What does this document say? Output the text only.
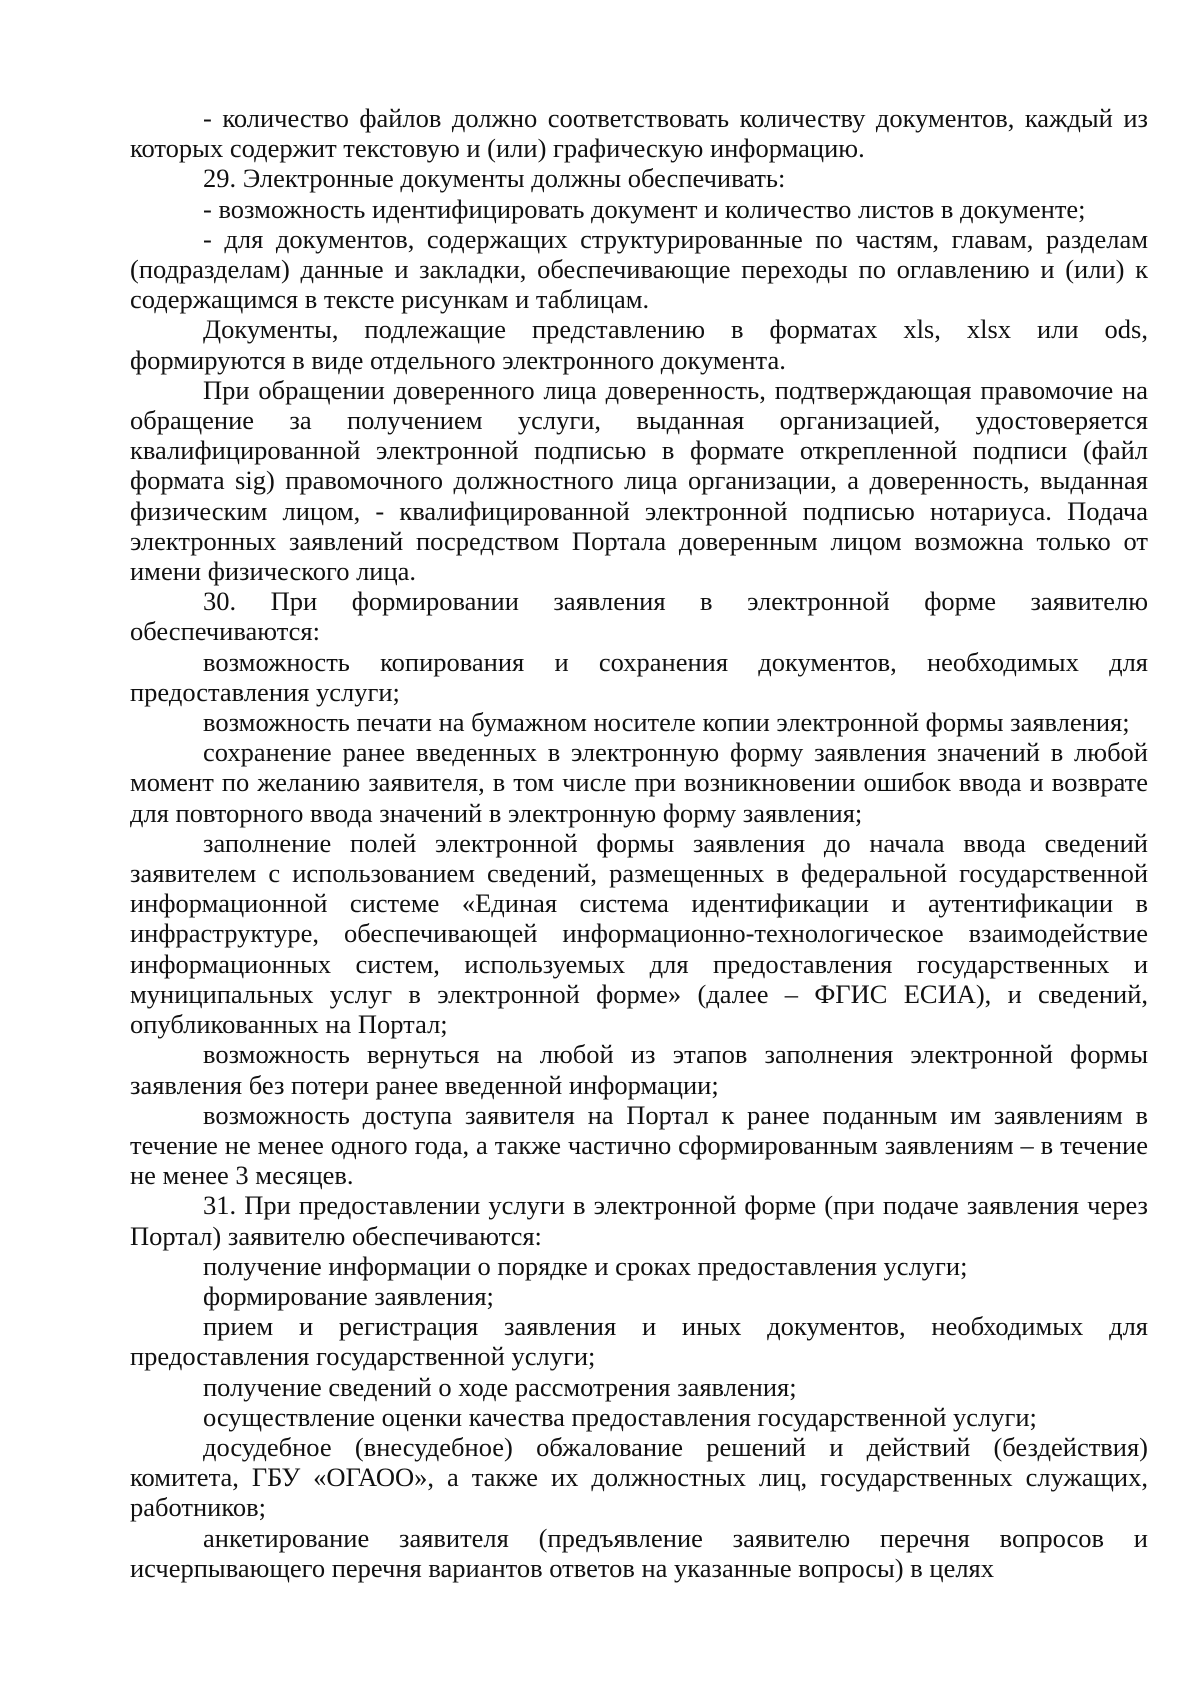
- количество файлов должно соответствовать количеству документов, каждый из которых содержит текстовую и (или) графическую информацию.

29. Электронные документы должны обеспечивать:

- возможность идентифицировать документ и количество листов в документе;

- для документов, содержащих структурированные по частям, главам, разделам (подразделам) данные и закладки, обеспечивающие переходы по оглавлению и (или) к содержащимся в тексте рисункам и таблицам.

Документы, подлежащие представлению в форматах xls, xlsx или ods, формируются в виде отдельного электронного документа.

При обращении доверенного лица доверенность, подтверждающая правомочие на обращение за получением услуги, выданная организацией, удостоверяется квалифицированной электронной подписью в формате открепленной подписи (файл формата sig) правомочного должностного лица организации, а доверенность, выданная физическим лицом, - квалифицированной электронной подписью нотариуса. Подача электронных заявлений посредством Портала доверенным лицом возможна только от имени физического лица.

30. При формировании заявления в электронной форме заявителю обеспечиваются:

возможность копирования и сохранения документов, необходимых для предоставления услуги;

возможность печати на бумажном носителе копии электронной формы заявления;

сохранение ранее введенных в электронную форму заявления значений в любой момент по желанию заявителя, в том числе при возникновении ошибок ввода и возврате для повторного ввода значений в электронную форму заявления;

заполнение полей электронной формы заявления до начала ввода сведений заявителем с использованием сведений, размещенных в федеральной государственной информационной системе «Единая система идентификации и аутентификации в инфраструктуре, обеспечивающей информационно-технологическое взаимодействие информационных систем, используемых для предоставления государственных и муниципальных услуг в электронной форме» (далее – ФГИС ЕСИА), и сведений, опубликованных на Портал;

возможность вернуться на любой из этапов заполнения электронной формы заявления без потери ранее введенной информации;

возможность доступа заявителя на Портал к ранее поданным им заявлениям в течение не менее одного года, а также частично сформированным заявлениям – в течение не менее 3 месяцев.

31. При предоставлении услуги в электронной форме (при подаче заявления через Портал) заявителю обеспечиваются:

получение информации о порядке и сроках предоставления услуги;

формирование заявления;

прием и регистрация заявления и иных документов, необходимых для предоставления государственной услуги;

получение сведений о ходе рассмотрения заявления;

осуществление оценки качества предоставления государственной услуги;

досудебное (внесудебное) обжалование решений и действий (бездействия) комитета, ГБУ «ОГАОО», а также их должностных лиц, государственных служащих, работников;

анкетирование заявителя (предъявление заявителю перечня вопросов и исчерпывающего перечня вариантов ответов на указанные вопросы) в целях
